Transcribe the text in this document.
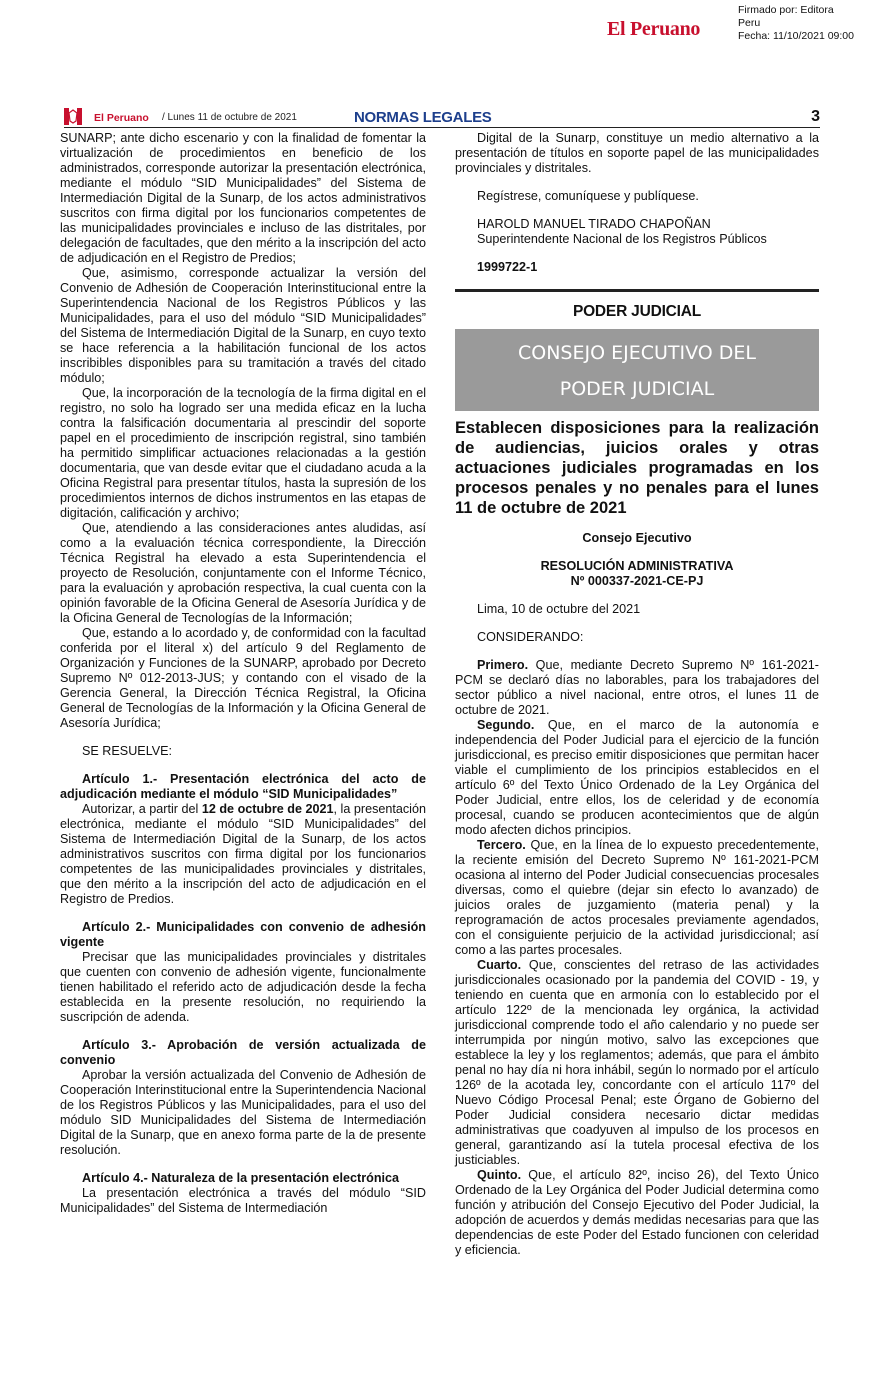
El Peruano
Firmado por: Editora
Peru
Fecha: 11/10/2021 09:00
El Peruano / Lunes 11 de octubre de 2021	NORMAS LEGALES	3

SUNARP; ante dicho escenario y con la finalidad de fomentar la virtualización de procedimientos en beneficio de los administrados, corresponde autorizar la presentación electrónica, mediante el módulo “SID Municipalidades” del Sistema de Intermediación Digital de la Sunarp, de los actos administrativos suscritos con firma digital por los funcionarios competentes de las municipalidades provinciales e incluso de las distritales, por delegación de facultades, que den mérito a la inscripción del acto de adjudicación en el Registro de Predios;

Que, asimismo, corresponde actualizar la versión del Convenio de Adhesión de Cooperación Interinstitucional entre la Superintendencia Nacional de los Registros Públicos y las Municipalidades, para el uso del módulo “SID Municipalidades” del Sistema de Intermediación Digital de la Sunarp, en cuyo texto se hace referencia a la habilitación funcional de los actos inscribibles disponibles para su tramitación a través del citado módulo;

Que, la incorporación de la tecnología de la firma digital en el registro, no solo ha logrado ser una medida eficaz en la lucha contra la falsificación documentaria al prescindir del soporte papel en el procedimiento de inscripción registral, sino también ha permitido simplificar actuaciones relacionadas a la gestión documentaria, que van desde evitar que el ciudadano acuda a la Oficina Registral para presentar títulos, hasta la supresión de los procedimientos internos de dichos instrumentos en las etapas de digitación, calificación y archivo;

Que, atendiendo a las consideraciones antes aludidas, así como a la evaluación técnica correspondiente, la Dirección Técnica Registral ha elevado a esta Superintendencia el proyecto de Resolución, conjuntamente con el Informe Técnico, para la evaluación y aprobación respectiva, la cual cuenta con la opinión favorable de la Oficina General de Asesoría Jurídica y de la Oficina General de Tecnologías de la Información;

Que, estando a lo acordado y, de conformidad con la facultad conferida por el literal x) del artículo 9 del Reglamento de Organización y Funciones de la SUNARP, aprobado por Decreto Supremo Nº 012-2013-JUS; y contando con el visado de la Gerencia General, la Dirección Técnica Registral, la Oficina General de Tecnologías de la Información y la Oficina General de Asesoría Jurídica;

SE RESUELVE:

Artículo 1.- Presentación electrónica del acto de adjudicación mediante el módulo “SID Municipalidades”

Autorizar, a partir del 12 de octubre de 2021, la presentación electrónica, mediante el módulo “SID Municipalidades” del Sistema de Intermediación Digital de la Sunarp, de los actos administrativos suscritos con firma digital por los funcionarios competentes de las municipalidades provinciales y distritales, que den mérito a la inscripción del acto de adjudicación en el Registro de Predios.

Artículo 2.- Municipalidades con convenio de adhesión vigente

Precisar que las municipalidades provinciales y distritales que cuenten con convenio de adhesión vigente, funcionalmente tienen habilitado el referido acto de adjudicación desde la fecha establecida en la presente resolución, no requiriendo la suscripción de adenda.

Artículo 3.- Aprobación de versión actualizada de convenio

Aprobar la versión actualizada del Convenio de Adhesión de Cooperación Interinstitucional entre la Superintendencia Nacional de los Registros Públicos y las Municipalidades, para el uso del módulo SID Municipalidades del Sistema de Intermediación Digital de la Sunarp, que en anexo forma parte de la de presente resolución.

Artículo 4.- Naturaleza de la presentación electrónica

La presentación electrónica a través del módulo “SID Municipalidades” del Sistema de Intermediación

Digital de la Sunarp, constituye un medio alternativo a la presentación de títulos en soporte papel de las municipalidades provinciales y distritales.

Regístrese, comuníquese y publíquese.

HAROLD MANUEL TIRADO CHAPOÑAN

Superintendente Nacional de los Registros Públicos

1999722-1

PODER JUDICIAL
CONSEJO EJECUTIVO DEL
PODER JUDICIAL
Establecen disposiciones para la realización de audiencias, juicios orales y otras actuaciones judiciales programadas en los procesos penales y no penales para el lunes 11 de octubre de 2021
Consejo Ejecutivo
RESOLUCIÓN ADMINISTRATIVA
Nº 000337-2021-CE-PJ

Lima, 10 de octubre del 2021

CONSIDERANDO:

Primero. Que, mediante Decreto Supremo Nº 161-2021-PCM se declaró días no laborables, para los trabajadores del sector público a nivel nacional, entre otros, el lunes 11 de octubre de 2021.

Segundo. Que, en el marco de la autonomía e independencia del Poder Judicial para el ejercicio de la función jurisdiccional, es preciso emitir disposiciones que permitan hacer viable el cumplimiento de los principios establecidos en el artículo 6º del Texto Único Ordenado de la Ley Orgánica del Poder Judicial, entre ellos, los de celeridad y de economía procesal, cuando se producen acontecimientos que de algún modo afecten dichos principios.

Tercero. Que, en la línea de lo expuesto precedentemente, la reciente emisión del Decreto Supremo Nº 161-2021-PCM ocasiona al interno del Poder Judicial consecuencias procesales diversas, como el quiebre (dejar sin efecto lo avanzado) de juicios orales de juzgamiento (materia penal) y la reprogramación de actos procesales previamente agendados, con el consiguiente perjuicio de la actividad jurisdiccional; así como a las partes procesales.

Cuarto. Que, conscientes del retraso de las actividades jurisdiccionales ocasionado por la pandemia del COVID - 19, y teniendo en cuenta que en armonía con lo establecido por el artículo 122º de la mencionada ley orgánica, la actividad jurisdiccional comprende todo el año calendario y no puede ser interrumpida por ningún motivo, salvo las excepciones que establece la ley y los reglamentos; además, que para el ámbito penal no hay día ni hora inhábil, según lo normado por el artículo 126º de la acotada ley, concordante con el artículo 117º del Nuevo Código Procesal Penal; este Órgano de Gobierno del Poder Judicial considera necesario dictar medidas administrativas que coadyuven al impulso de los procesos en general, garantizando así la tutela procesal efectiva de los justiciables.

Quinto. Que, el artículo 82º, inciso 26), del Texto Único Ordenado de la Ley Orgánica del Poder Judicial determina como función y atribución del Consejo Ejecutivo del Poder Judicial, la adopción de acuerdos y demás medidas necesarias para que las dependencias de este Poder del Estado funcionen con celeridad y eficiencia.
